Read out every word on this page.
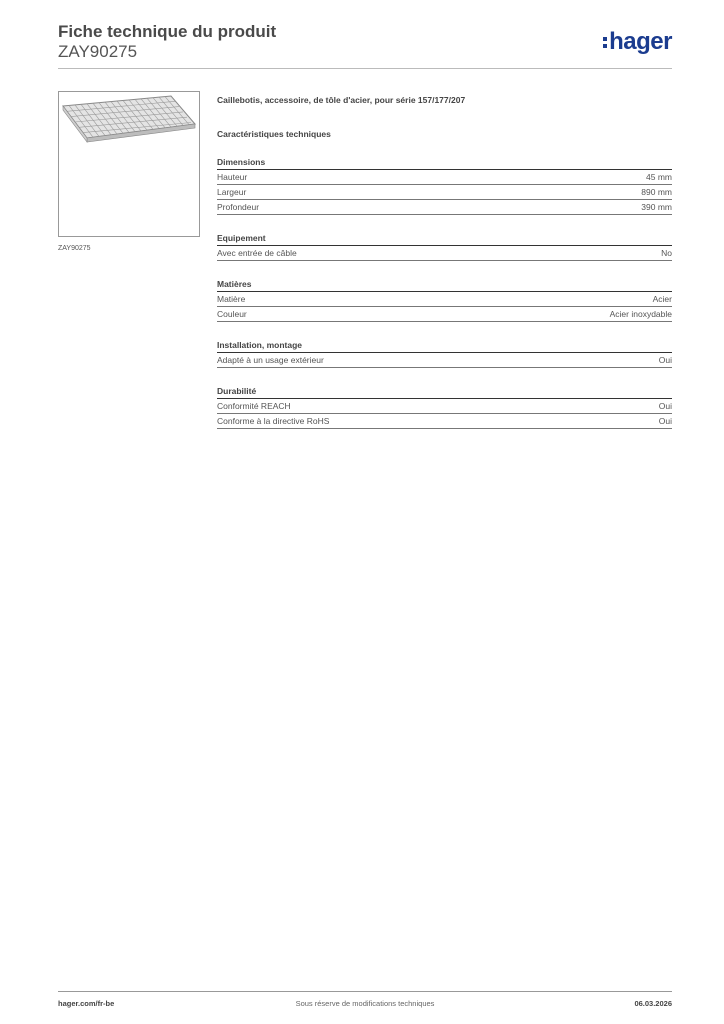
Fiche technique du produit
ZAY90275	hager
ZAY90275
Caillebotis, accessoire, de tôle d'acier, pour série 157/177/207
Caractéristiques techniques
Dimensions
Hauteur	45 mm
Largeur	890 mm
Profondeur	390 mm
Equipement
Avec entrée de câble	No
Matières
Matière	Acier
Couleur	Acier inoxydable
Installation, montage
Adapté à un usage extérieur	Oui
Durabilité
Conformité REACH	Oui
Conforme à la directive RoHS	Oui
hager.com/fr-be	Sous réserve de modifications techniques	06.03.2026
